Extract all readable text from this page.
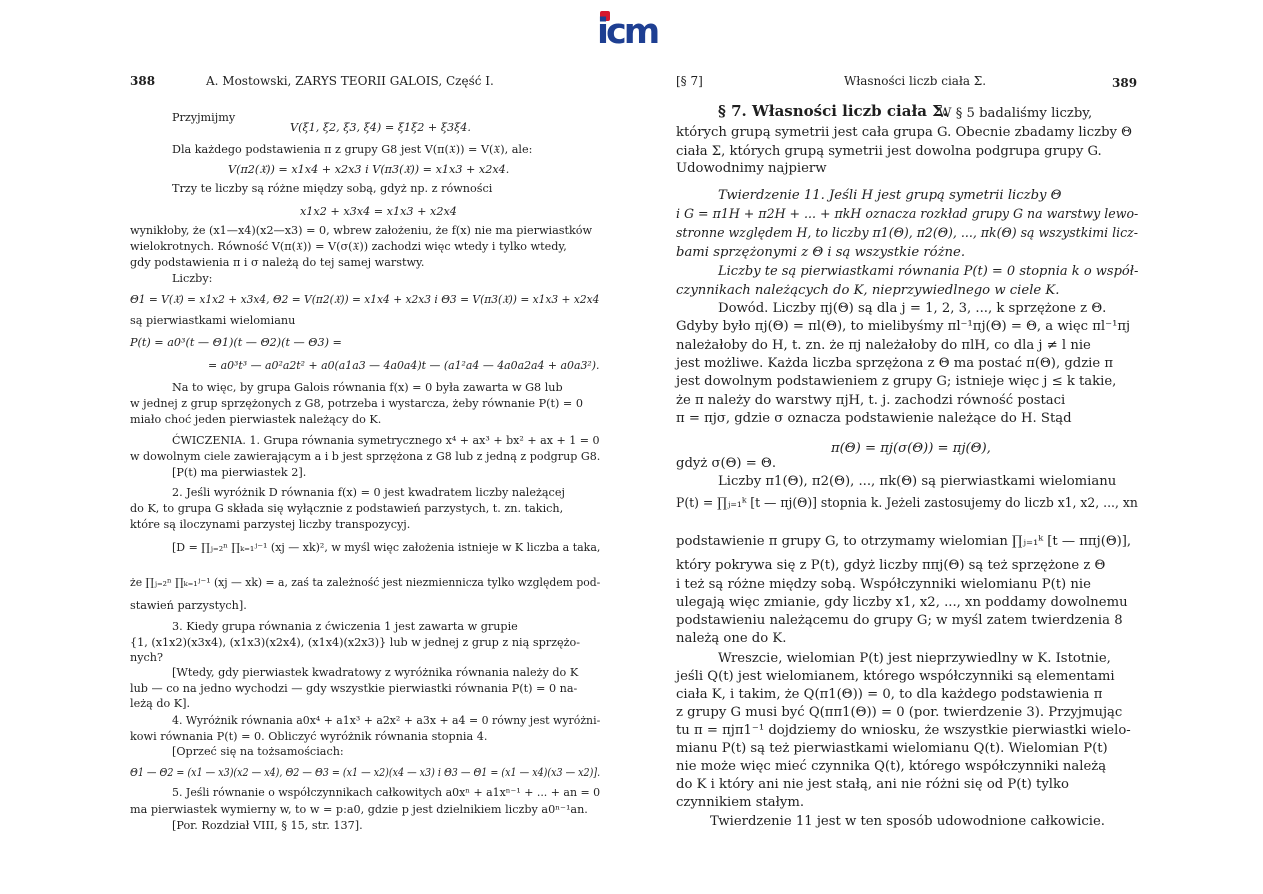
icm
388	A. Mostowski, ZARYS TEORII GALOIS, Część I.
Przyjmijmy
V(ξ1, ξ2, ξ3, ξ4) = ξ1ξ2 + ξ3ξ4.
Dla każdego podstawienia π z grupy G8 jest V(π(𝔛)) = V(𝔛), ale:
V(π2(𝔛)) = x1x4 + x2x3 i V(π3(𝔛)) = x1x3 + x2x4.
Trzy te liczby są różne między sobą, gdyż np. z równości
x1x2 + x3x4 = x1x3 + x2x4
wynikłoby, że (x1—x4)(x2—x3) = 0, wbrew założeniu, że f(x) nie ma pierwiastków
wielokrotnych. Równość V(π(𝔛)) = V(σ(𝔛)) zachodzi więc wtedy i tylko wtedy,
gdy podstawienia π i σ należą do tej samej warstwy.
Liczby:
Θ1 = V(𝔛) = x1x2 + x3x4, Θ2 = V(π2(𝔛)) = x1x4 + x2x3 i Θ3 = V(π3(𝔛)) = x1x3 + x2x4
są pierwiastkami wielomianu
P(t) = a0³(t — Θ1)(t — Θ2)(t — Θ3) =
= a0³t³ — a0²a2t² + a0(a1a3 — 4a0a4)t — (a1²a4 — 4a0a2a4 + a0a3²).
Na to więc, by grupa Galois równania f(x) = 0 była zawarta w G8 lub
w jednej z grup sprzężonych z G8, potrzeba i wystarcza, żeby równanie P(t) = 0
miało choć jeden pierwiastek należący do K.
ĆWICZENIA. 1. Grupa równania symetrycznego x⁴ + ax³ + bx² + ax + 1 = 0
w dowolnym ciele zawierającym a i b jest sprzężona z G8 lub z jedną z podgrup G8.
[P(t) ma pierwiastek 2].
2. Jeśli wyróżnik D równania f(x) = 0 jest kwadratem liczby należącej
do K, to grupa G składa się wyłącznie z podstawień parzystych, t. zn. takich,
które są iloczynami parzystej liczby transpozycyj.
[D = ∏ⱼ₌₂ⁿ ∏ₖ₌₁ʲ⁻¹ (xj — xk)², w myśl więc założenia istnieje w K liczba a taka,
że ∏ⱼ₌₂ⁿ ∏ₖ₌₁ʲ⁻¹ (xj — xk) = a, zaś ta zależność jest niezmiennicza tylko względem pod-
stawień parzystych].
3. Kiedy grupa równania z ćwiczenia 1 jest zawarta w grupie
{1, (x1x2)(x3x4), (x1x3)(x2x4), (x1x4)(x2x3)} lub w jednej z grup z nią sprzężo-
nych?
[Wtedy, gdy pierwiastek kwadratowy z wyróżnika równania należy do K
lub — co na jedno wychodzi — gdy wszystkie pierwiastki równania P(t) = 0 na-
leżą do K].
4. Wyróżnik równania a0x⁴ + a1x³ + a2x² + a3x + a4 = 0 równy jest wyróżni-
kowi równania P(t) = 0. Obliczyć wyróżnik równania stopnia 4.
[Oprzeć się na tożsamościach:
Θ1 — Θ2 = (x1 — x3)(x2 — x4), Θ2 — Θ3 = (x1 — x2)(x4 — x3) i Θ3 — Θ1 = (x1 — x4)(x3 — x2)].
5. Jeśli równanie o współczynnikach całkowitych a0xⁿ + a1xⁿ⁻¹ + ... + an = 0
ma pierwiastek wymierny w, to w = p:a0, gdzie p jest dzielnikiem liczby a0ⁿ⁻¹an.
[Por. Rozdział VIII, § 15, str. 137].
[§ 7]	Własności liczb ciała Σ.	389
§ 7. Własności liczb ciała Σ.
W § 5 badaliśmy liczby,
których grupą symetrii jest cała grupa G. Obecnie zbadamy liczby Θ
ciała Σ, których grupą symetrii jest dowolna podgrupa grupy G.
Udowodnimy najpierw
Twierdzenie 11. Jeśli H jest grupą symetrii liczby Θ
i G = π1H + π2H + ... + πkH oznacza rozkład grupy G na warstwy lewo-
stronne względem H, to liczby π1(Θ), π2(Θ), ..., πk(Θ) są wszystkimi licz-
bami sprzężonymi z Θ i są wszystkie różne.
Liczby te są pierwiastkami równania P(t) = 0 stopnia k o współ-
czynnikach należących do K, nieprzywiedlnego w ciele K.
Dowód. Liczby πj(Θ) są dla j = 1, 2, 3, ..., k sprzężone z Θ.
Gdyby było πj(Θ) = πl(Θ), to mielibyśmy πl⁻¹πj(Θ) = Θ, a więc πl⁻¹πj
należałoby do H, t. zn. że πj należałoby do πlH, co dla j ≠ l nie
jest możliwe. Każda liczba sprzężona z Θ ma postać π(Θ), gdzie π
jest dowolnym podstawieniem z grupy G; istnieje więc j ≤ k takie,
że π należy do warstwy πjH, t. j. zachodzi równość postaci
π = πjσ, gdzie σ oznacza podstawienie należące do H. Stąd
π(Θ) = πj(σ(Θ)) = πj(Θ),
gdyż σ(Θ) = Θ.
Liczby π1(Θ), π2(Θ), ..., πk(Θ) są pierwiastkami wielomianu
P(t) = ∏ⱼ₌₁ᵏ [t — πj(Θ)] stopnia k. Jeżeli zastosujemy do liczb x1, x2, ..., xn
podstawienie π grupy G, to otrzymamy wielomian ∏ⱼ₌₁ᵏ [t — ππj(Θ)],
który pokrywa się z P(t), gdyż liczby ππj(Θ) są też sprzężone z Θ
i też są różne między sobą. Współczynniki wielomianu P(t) nie
ulegają więc zmianie, gdy liczby x1, x2, ..., xn poddamy dowolnemu
podstawieniu należącemu do grupy G; w myśl zatem twierdzenia 8
należą one do K.
Wreszcie, wielomian P(t) jest nieprzywiedlny w K. Istotnie,
jeśli Q(t) jest wielomianem, którego współczynniki są elementami
ciała K, i takim, że Q(π1(Θ)) = 0, to dla każdego podstawienia π
z grupy G musi być Q(ππ1(Θ)) = 0 (por. twierdzenie 3). Przyjmując
tu π = πjπ1⁻¹ dojdziemy do wniosku, że wszystkie pierwiastki wielo-
mianu P(t) są też pierwiastkami wielomianu Q(t). Wielomian P(t)
nie może więc mieć czynnika Q(t), którego współczynniki należą
do K i który ani nie jest stałą, ani nie różni się od P(t) tylko
czynnikiem stałym.
Twierdzenie 11 jest w ten sposób udowodnione całkowicie.
